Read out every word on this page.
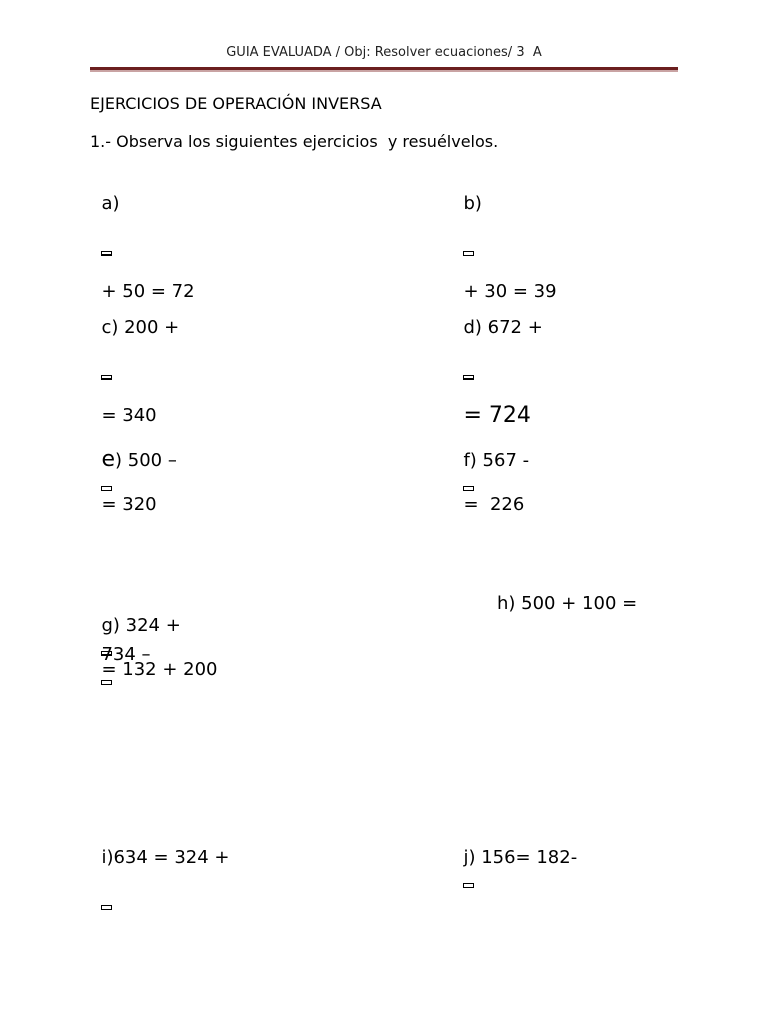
GUIA EVALUADA / Obj: Resolver ecuaciones/ 3  A
EJERCICIOS DE OPERACIÓN INVERSA
1.- Observa los siguientes ejercicios  y resuélvelos.

a)

+ 50 = 72

b)

+ 30 = 39

c) 200 +

= 340

d) 672 +

= 724

e) 500 –

= 320

f) 567 -

=  226

g) 324 +

= 132 + 200

h) 500 + 100 =

734 –

i)634 = 324 +

	j) 156= 182-
